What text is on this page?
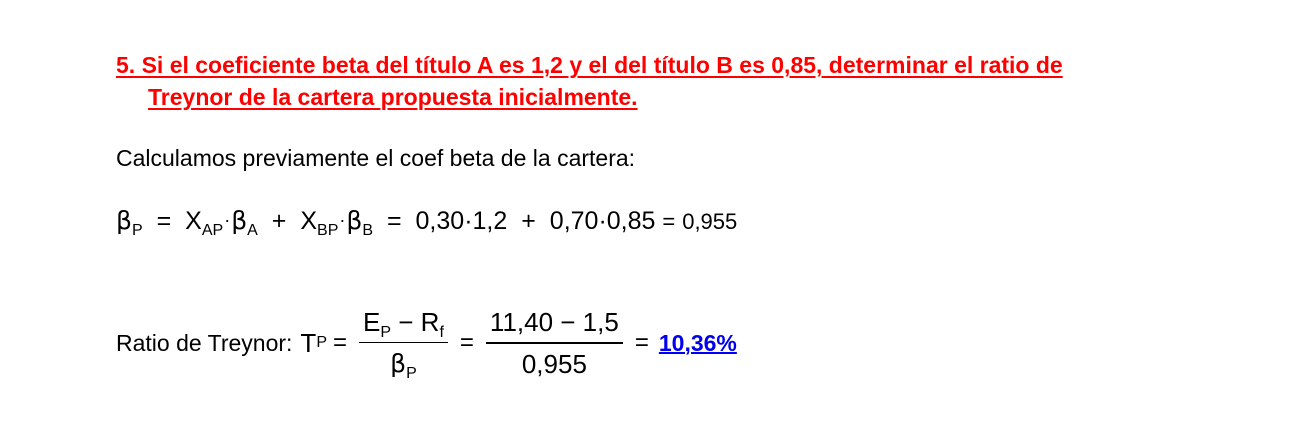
5. Si el coeficiente beta del título A es 1,2 y el del título B es 0,85, determinar el ratio de
Treynor de la cartera propuesta inicialmente.
Calculamos previamente el coef beta de la cartera:
$\beta_P = X_{AP}\cdot\beta_A + X_{BP}\cdot\beta_B = 0,30\cdot 1,2 + 0,70\cdot 0,85 = 0,955$
Ratio de Treynor: T $P = \frac{E_P - R_f}{\beta_P} = \frac{11,40 - 1,5}{0,955} = 10,36\%$
